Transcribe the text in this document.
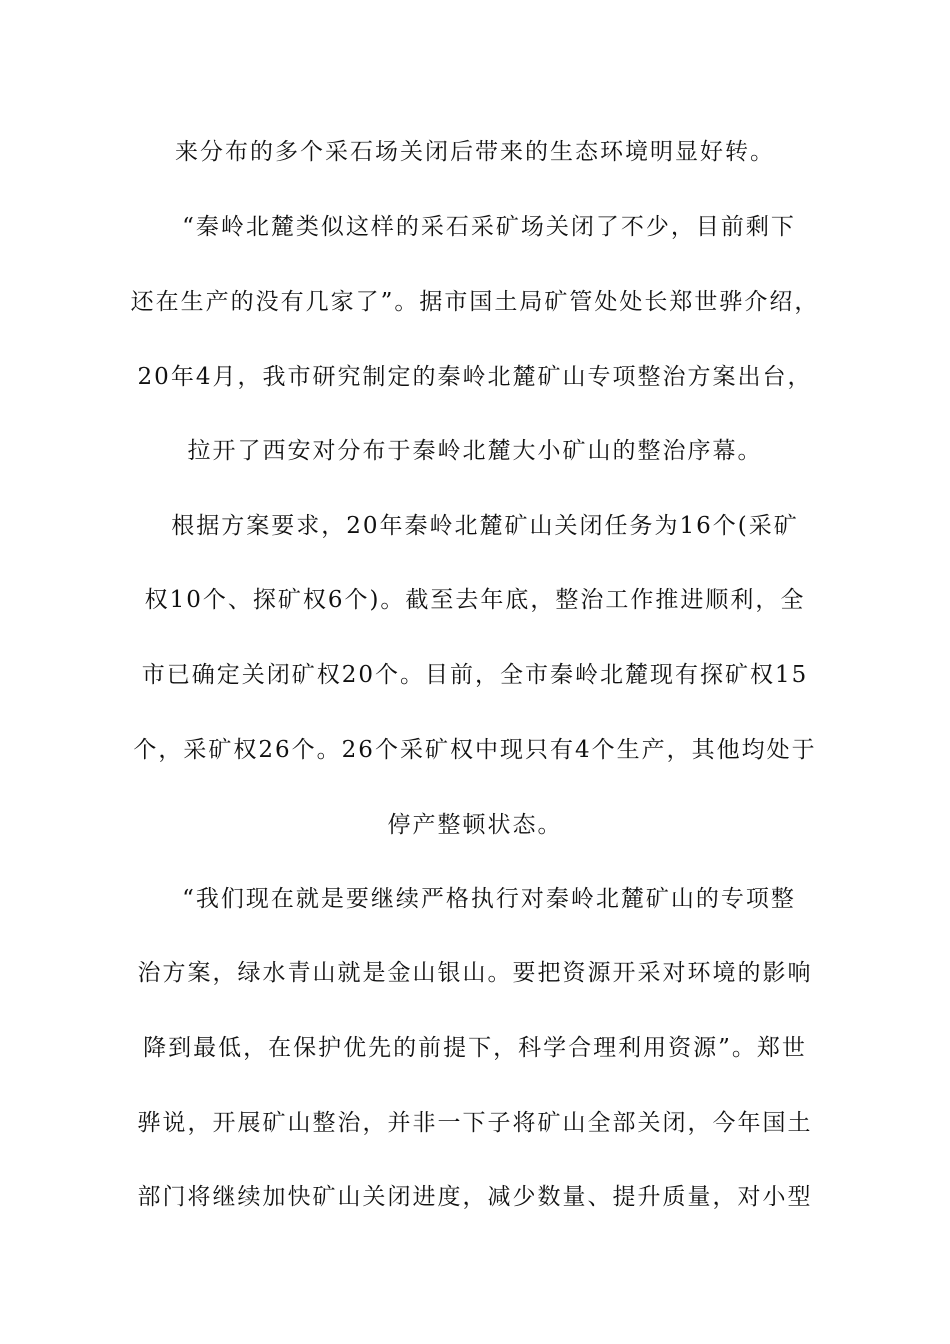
来分布的多个采石场关闭后带来的生态环境明显好转。
“秦岭北麓类似这样的采石采矿场关闭了不少，目前剩下
还在生产的没有几家了”。据市国土局矿管处处长郑世骅介绍，
20年4月，我市研究制定的秦岭北麓矿山专项整治方案出台，
拉开了西安对分布于秦岭北麓大小矿山的整治序幕。
根据方案要求，20年秦岭北麓矿山关闭任务为16个(采矿
权10个、探矿权6个)。截至去年底，整治工作推进顺利，全
市已确定关闭矿权20个。目前，全市秦岭北麓现有探矿权15
个，采矿权26个。26个采矿权中现只有4个生产，其他均处于
停产整顿状态。
“我们现在就是要继续严格执行对秦岭北麓矿山的专项整
治方案，绿水青山就是金山银山。要把资源开采对环境的影响
降到最低，在保护优先的前提下，科学合理利用资源”。郑世
骅说，开展矿山整治，并非一下子将矿山全部关闭，今年国土
部门将继续加快矿山关闭进度，减少数量、提升质量，对小型
